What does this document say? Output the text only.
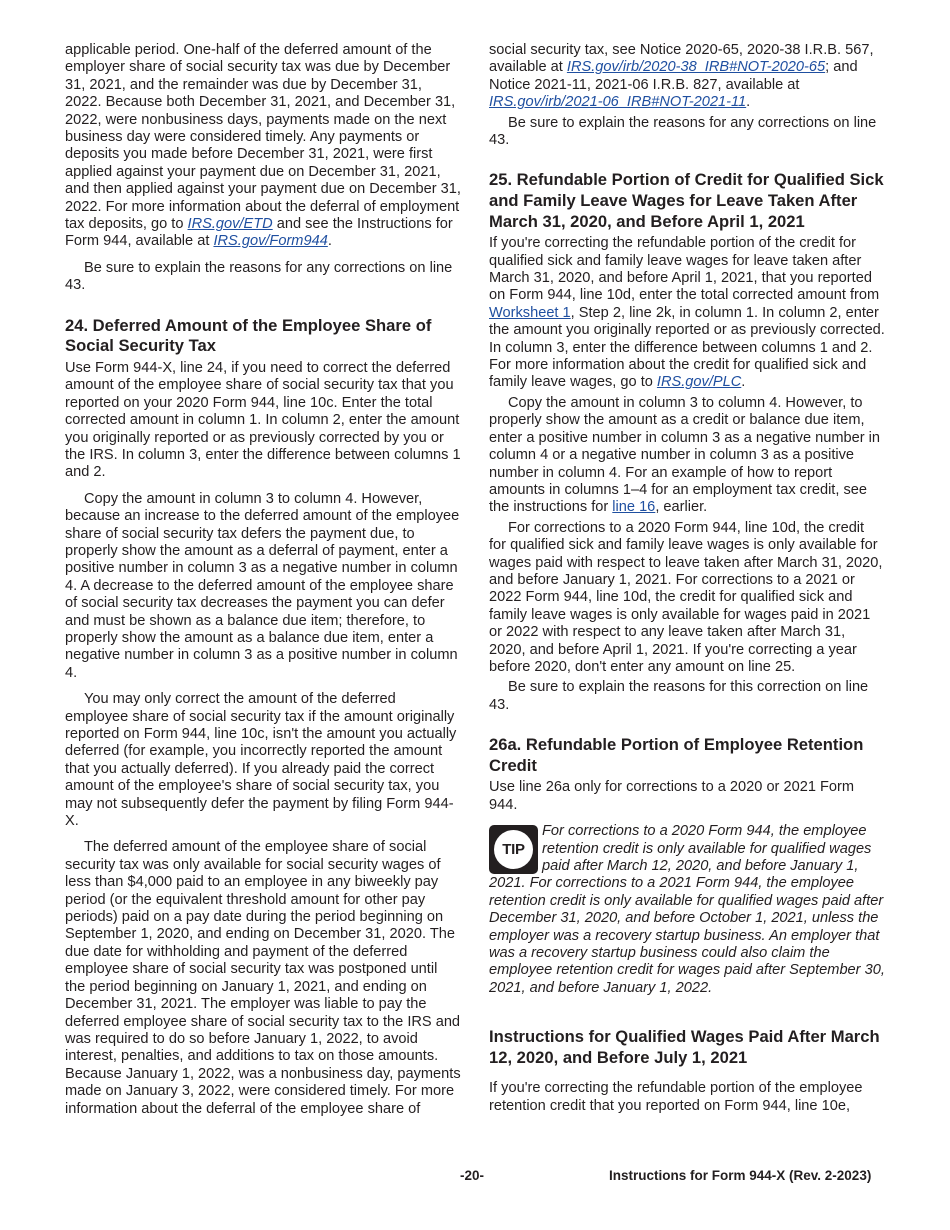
applicable period. One-half of the deferred amount of the employer share of social security tax was due by December 31, 2021, and the remainder was due by December 31, 2022. Because both December 31, 2021, and December 31, 2022, were nonbusiness days, payments made on the next business day were considered timely. Any payments or deposits you made before December 31, 2021, were first applied against your payment due on December 31, 2021, and then applied against your payment due on December 31, 2022. For more information about the deferral of employment tax deposits, go to IRS.gov/ETD and see the Instructions for Form 944, available at IRS.gov/Form944.

Be sure to explain the reasons for any corrections on line 43.

24. Deferred Amount of the Employee Share of Social Security Tax

Use Form 944-X, line 24, if you need to correct the deferred amount of the employee share of social security tax that you reported on your 2020 Form 944, line 10c. Enter the total corrected amount in column 1. In column 2, enter the amount you originally reported or as previously corrected by you or the IRS. In column 3, enter the difference between columns 1 and 2.

Copy the amount in column 3 to column 4. However, because an increase to the deferred amount of the employee share of social security tax defers the payment due, to properly show the amount as a deferral of payment, enter a positive number in column 3 as a negative number in column 4. A decrease to the deferred amount of the employee share of social security tax decreases the payment you can defer and must be shown as a balance due item; therefore, to properly show the amount as a balance due item, enter a negative number in column 3 as a positive number in column 4.

You may only correct the amount of the deferred employee share of social security tax if the amount originally reported on Form 944, line 10c, isn't the amount you actually deferred (for example, you incorrectly reported the amount that you actually deferred). If you already paid the correct amount of the employee's share of social security tax, you may not subsequently defer the payment by filing Form 944-X.

The deferred amount of the employee share of social security tax was only available for social security wages of less than $4,000 paid to an employee in any biweekly pay period (or the equivalent threshold amount for other pay periods) paid on a pay date during the period beginning on September 1, 2020, and ending on December 31, 2020. The due date for withholding and payment of the deferred employee share of social security tax was postponed until the period beginning on January 1, 2021, and ending on December 31, 2021. The employer was liable to pay the deferred employee share of social security tax to the IRS and was required to do so before January 1, 2022, to avoid interest, penalties, and additions to tax on those amounts. Because January 1, 2022, was a nonbusiness day, payments made on January 3, 2022, were considered timely. For more information about the deferral of the employee share of

social security tax, see Notice 2020-65, 2020-38 I.R.B. 567, available at IRS.gov/irb/2020-38_IRB#NOT-2020-65; and Notice 2021-11, 2021-06 I.R.B. 827, available at IRS.gov/irb/2021-06_IRB#NOT-2021-11.

Be sure to explain the reasons for any corrections on line 43.

25. Refundable Portion of Credit for Qualified Sick and Family Leave Wages for Leave Taken After March 31, 2020, and Before April 1, 2021

If you're correcting the refundable portion of the credit for qualified sick and family leave wages for leave taken after March 31, 2020, and before April 1, 2021, that you reported on Form 944, line 10d, enter the total corrected amount from Worksheet 1, Step 2, line 2k, in column 1. In column 2, enter the amount you originally reported or as previously corrected. In column 3, enter the difference between columns 1 and 2. For more information about the credit for qualified sick and family leave wages, go to IRS.gov/PLC.

Copy the amount in column 3 to column 4. However, to properly show the amount as a credit or balance due item, enter a positive number in column 3 as a negative number in column 4 or a negative number in column 3 as a positive number in column 4. For an example of how to report amounts in columns 1–4 for an employment tax credit, see the instructions for line 16, earlier.

For corrections to a 2020 Form 944, line 10d, the credit for qualified sick and family leave wages is only available for wages paid with respect to leave taken after March 31, 2020, and before January 1, 2021. For corrections to a 2021 or 2022 Form 944, line 10d, the credit for qualified sick and family leave wages is only available for wages paid in 2021 or 2022 with respect to any leave taken after March 31, 2020, and before April 1, 2021. If you're correcting a year before 2020, don't enter any amount on line 25.

Be sure to explain the reasons for this correction on line 43.

26a. Refundable Portion of Employee Retention Credit

Use line 26a only for corrections to a 2020 or 2021 Form 944.

TIP
For corrections to a 2020 Form 944, the employee retention credit is only available for qualified wages paid after March 12, 2020, and before January 1, 2021. For corrections to a 2021 Form 944, the employee retention credit is only available for qualified wages paid after December 31, 2020, and before October 1, 2021, unless the employer was a recovery startup business. An employer that was a recovery startup business could also claim the employee retention credit for wages paid after September 30, 2021, and before January 1, 2022.
Instructions for Qualified Wages Paid After March 12, 2020, and Before July 1, 2021

If you're correcting the refundable portion of the employee retention credit that you reported on Form 944, line 10e,

-20-	Instructions for Form 944-X (Rev. 2-2023)
